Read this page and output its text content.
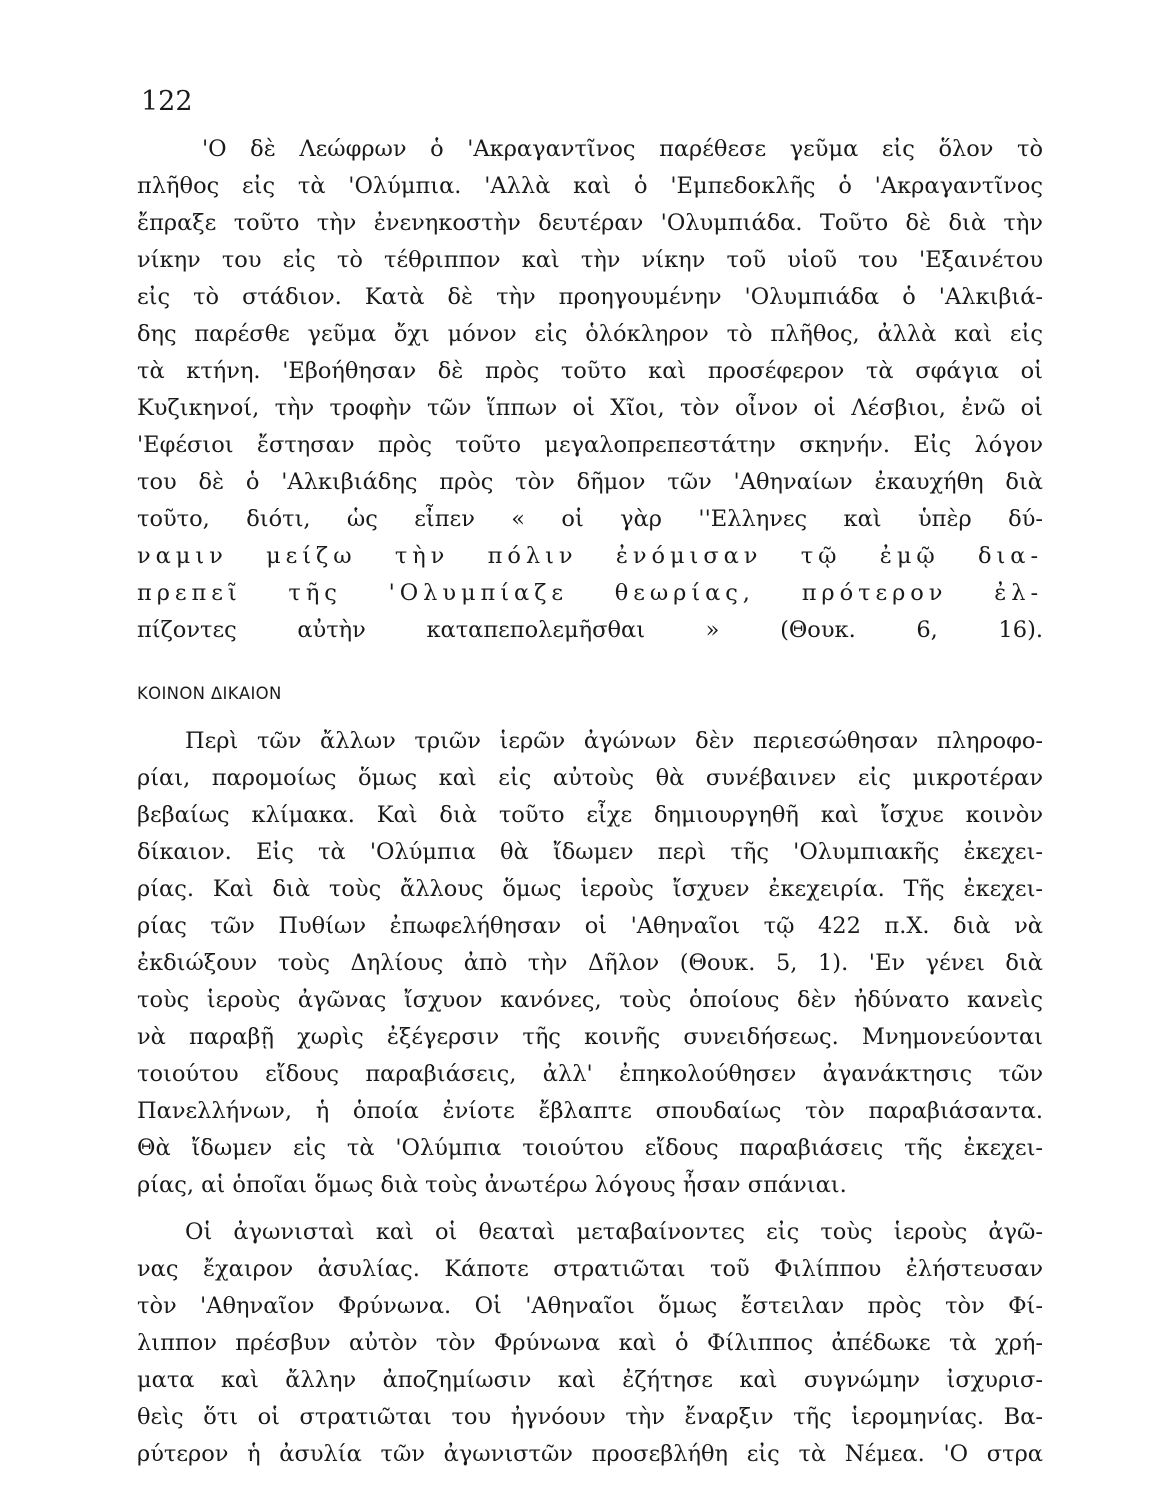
122

'Ο δὲ Λεώφρων ὁ 'Ακραγαντῖνος παρέθεσε γεῦμα εἰς ὅλον τὸ

πλῆθος εἰς τὰ 'Ολύμπια. 'Αλλὰ καὶ ὁ 'Εμπεδοκλῆς ὁ 'Ακραγαντῖνος

ἔπραξε τοῦτο τὴν ἐνενηκοστὴν δευτέραν 'Ολυμπιάδα. Τοῦτο δὲ διὰ τὴν

νίκην του εἰς τὸ τέθριππον καὶ τὴν νίκην τοῦ υἱοῦ του 'Εξαινέτου

εἰς τὸ στάδιον. Κατὰ δὲ τὴν προηγουμένην 'Ολυμπιάδα ὁ 'Αλκιβιά-

δης παρέσθε γεῦμα ὄχι μόνον εἰς ὁλόκληρον τὸ πλῆθος, ἀλλὰ καὶ εἰς

τὰ κτήνη. 'Εβοήθησαν δὲ πρὸς τοῦτο καὶ προσέφερον τὰ σφάγια οἱ

Κυζικηνοί, τὴν τροφὴν τῶν ἵππων οἱ Χῖοι, τὸν οἶνον οἱ Λέσβιοι, ἐνῶ οἱ

'Εφέσιοι ἔστησαν πρὸς τοῦτο μεγαλοπρεπεστάτην σκηνήν. Εἰς λόγον

του δὲ ὁ 'Αλκιβιάδης πρὸς τὸν δῆμον τῶν 'Αθηναίων ἐκαυχήθη διὰ

τοῦτο, διότι, ὡς εἶπεν « οἱ γὰρ ''Ελληνες καὶ ὑπὲρ δύ-

ναμιν μείζω τὴν πόλιν ἐνόμισαν τῷ ἐμῷ δια-

πρεπεῖ τῆς 'Ολυμπίαζε θεωρίας, πρότερον ἐλ-

πίζοντες αὐτὴν καταπεπολεμῆσθαι » (Θουκ. 6, 16).

ΚΟΙΝΟΝ ΔΙΚΑΙΟΝ

Περὶ τῶν ἄλλων τριῶν ἱερῶν ἀγώνων δὲν περιεσώθησαν πληροφο-

ρίαι, παρομοίως ὅμως καὶ εἰς αὐτοὺς θὰ συνέβαινεν εἰς μικροτέραν

βεβαίως κλίμακα. Καὶ διὰ τοῦτο εἶχε δημιουργηθῆ καὶ ἴσχυε κοινὸν

δίκαιον. Εἰς τὰ 'Ολύμπια θὰ ἴδωμεν περὶ τῆς 'Ολυμπιακῆς ἐκεχει-

ρίας. Καὶ διὰ τοὺς ἄλλους ὅμως ἱεροὺς ἴσχυεν ἐκεχειρία. Τῆς ἐκεχει-

ρίας τῶν Πυθίων ἐπωφελήθησαν οἱ 'Αθηναῖοι τῷ 422 π.Χ. διὰ νὰ

ἐκδιώξουν τοὺς Δηλίους ἀπὸ τὴν Δῆλον (Θουκ. 5, 1). 'Εν γένει διὰ

τοὺς ἱεροὺς ἀγῶνας ἴσχυον κανόνες, τοὺς ὁποίους δὲν ἠδύνατο κανεὶς

νὰ παραβῇ χωρὶς ἐξέγερσιν τῆς κοινῆς συνειδήσεως. Μνημονεύονται

τοιούτου εἴδους παραβιάσεις, ἀλλ' ἐπηκολούθησεν ἀγανάκτησις τῶν

Πανελλήνων, ἡ ὁποία ἐνίοτε ἔβλαπτε σπουδαίως τὸν παραβιάσαντα.

Θὰ ἴδωμεν εἰς τὰ 'Ολύμπια τοιούτου εἴδους παραβιάσεις τῆς ἐκεχει-

ρίας, αἱ ὁποῖαι ὅμως διὰ τοὺς ἀνωτέρω λόγους ἦσαν σπάνιαι.

Οἱ ἀγωνισταὶ καὶ οἱ θεαταὶ μεταβαίνοντες εἰς τοὺς ἱεροὺς ἀγῶ-

νας ἔχαιρον ἀσυλίας. Κάποτε στρατιῶται τοῦ Φιλίππου ἐλήστευσαν

τὸν 'Αθηναῖον Φρύνωνα. Οἱ 'Αθηναῖοι ὅμως ἔστειλαν πρὸς τὸν Φί-

λιππον πρέσβυν αὐτὸν τὸν Φρύνωνα καὶ ὁ Φίλιππος ἀπέδωκε τὰ χρή-

ματα καὶ ἄλλην ἀποζημίωσιν καὶ ἐζήτησε καὶ συγνώμην ἰσχυρισ-

θεὶς ὅτι οἱ στρατιῶται του ἠγνόουν τὴν ἔναρξιν τῆς ἱερομηνίας. Βα-

ρύτερον ἡ ἀσυλία τῶν ἀγωνιστῶν προσεβλήθη εἰς τὰ Νέμεα. 'Ο στρα
